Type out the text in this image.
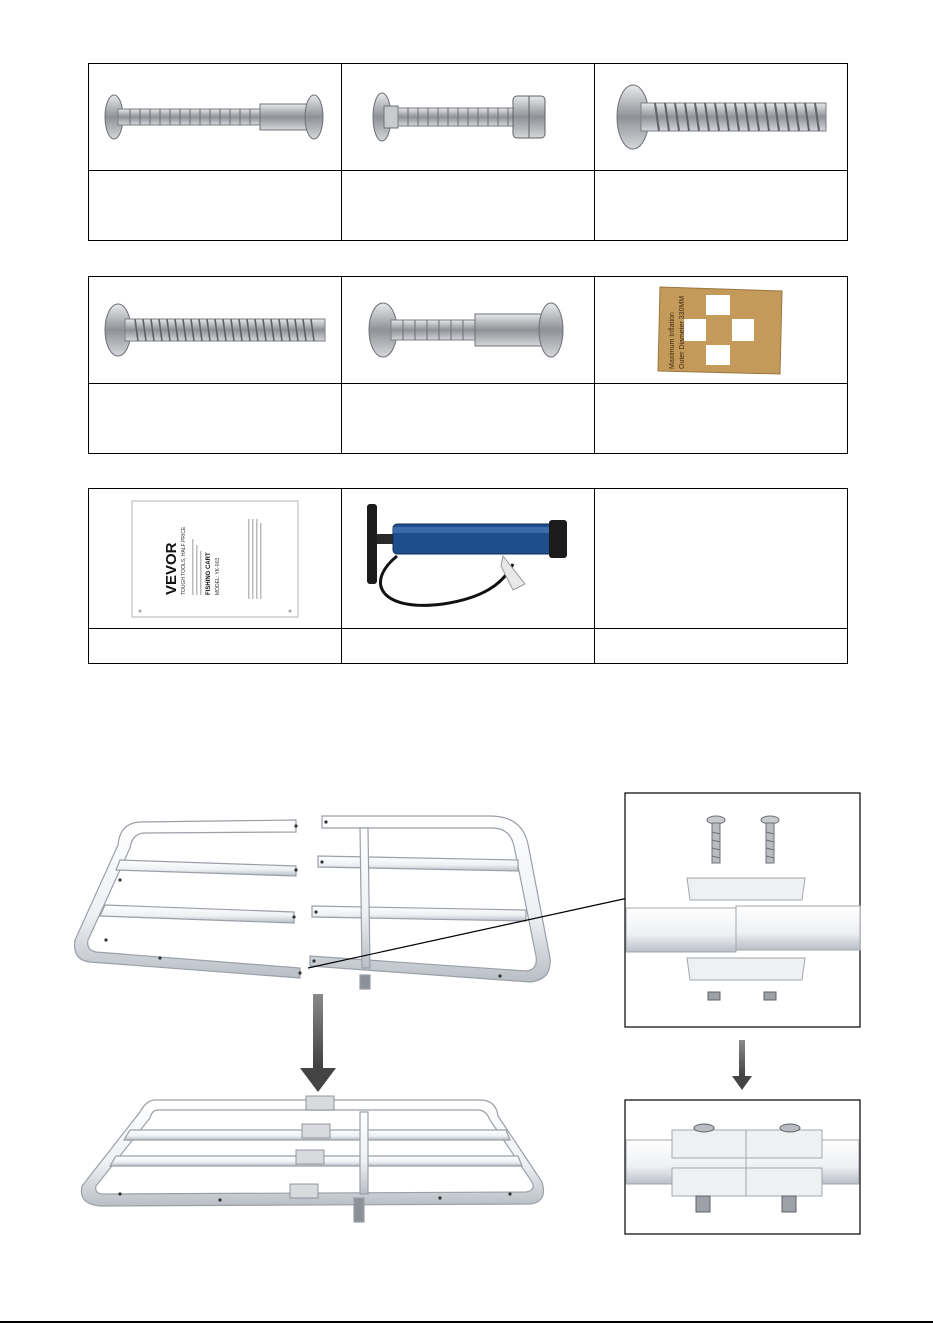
Maximum Inflation Outer Diameter 330MM

VEVOR TOUGH TOOLS, HALF PRICE FISHING CART MODEL: YK-003
